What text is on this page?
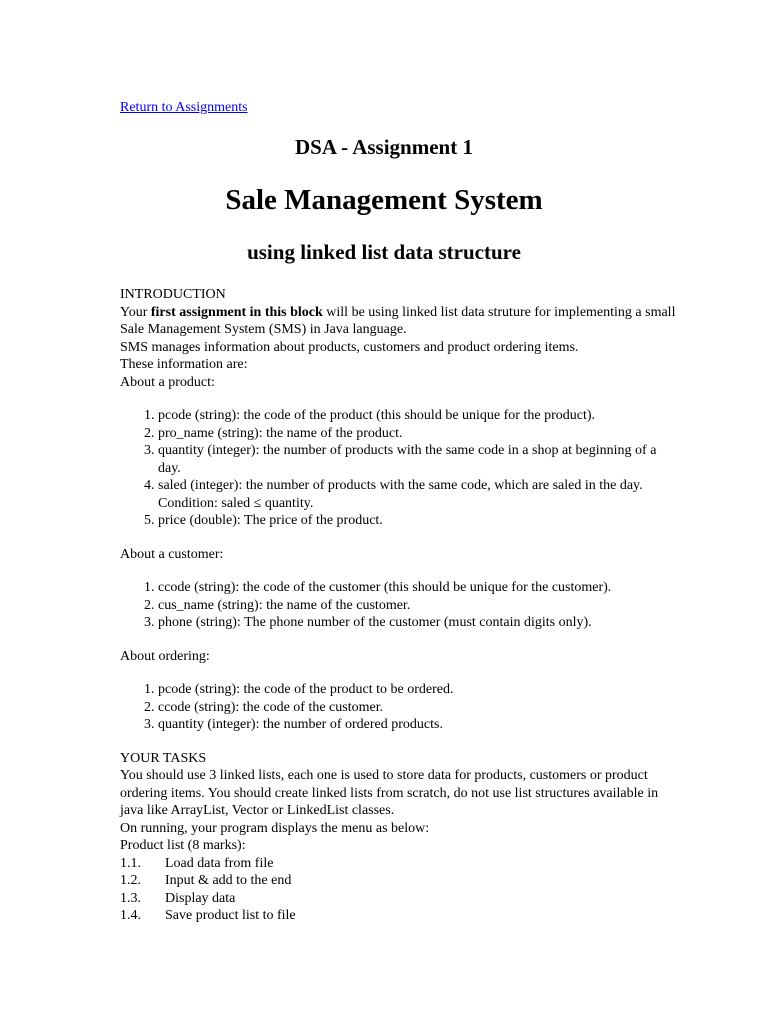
Return to Assignments
DSA - Assignment 1
Sale Management System
using linked list data structure

INTRODUCTION

Your first assignment in this block will be using linked list data struture for implementing a small Sale Management System (SMS) in Java language.

SMS manages information about products, customers and product ordering items.

These information are:

About a product:

1. pcode (string): the code of the product (this should be unique for the product).
2. pro_name (string): the name of the product.
3. quantity (integer): the number of products with the same code in a shop at beginning of a day.
4. saled (integer): the number of products with the same code, which are saled in the day. Condition: saled ≤ quantity.
5. price (double): The price of the product.

About a customer:

1. ccode (string): the code of the customer (this should be unique for the customer).
2. cus_name (string): the name of the customer.
3. phone (string): The phone number of the customer (must contain digits only).

About ordering:

1. pcode (string): the code of the product to be ordered.
2. ccode (string): the code of the customer.
3. quantity (integer): the number of ordered products.

YOUR TASKS

You should use 3 linked lists, each one is used to store data for products, customers or product ordering items. You should create linked lists from scratch, do not use list structures available in java like ArrayList, Vector or LinkedList classes.

On running, your program displays the menu as below:

Product list (8 marks):

1.1. Load data from file
1.2. Input & add to the end
1.3. Display data
1.4. Save product list to file
